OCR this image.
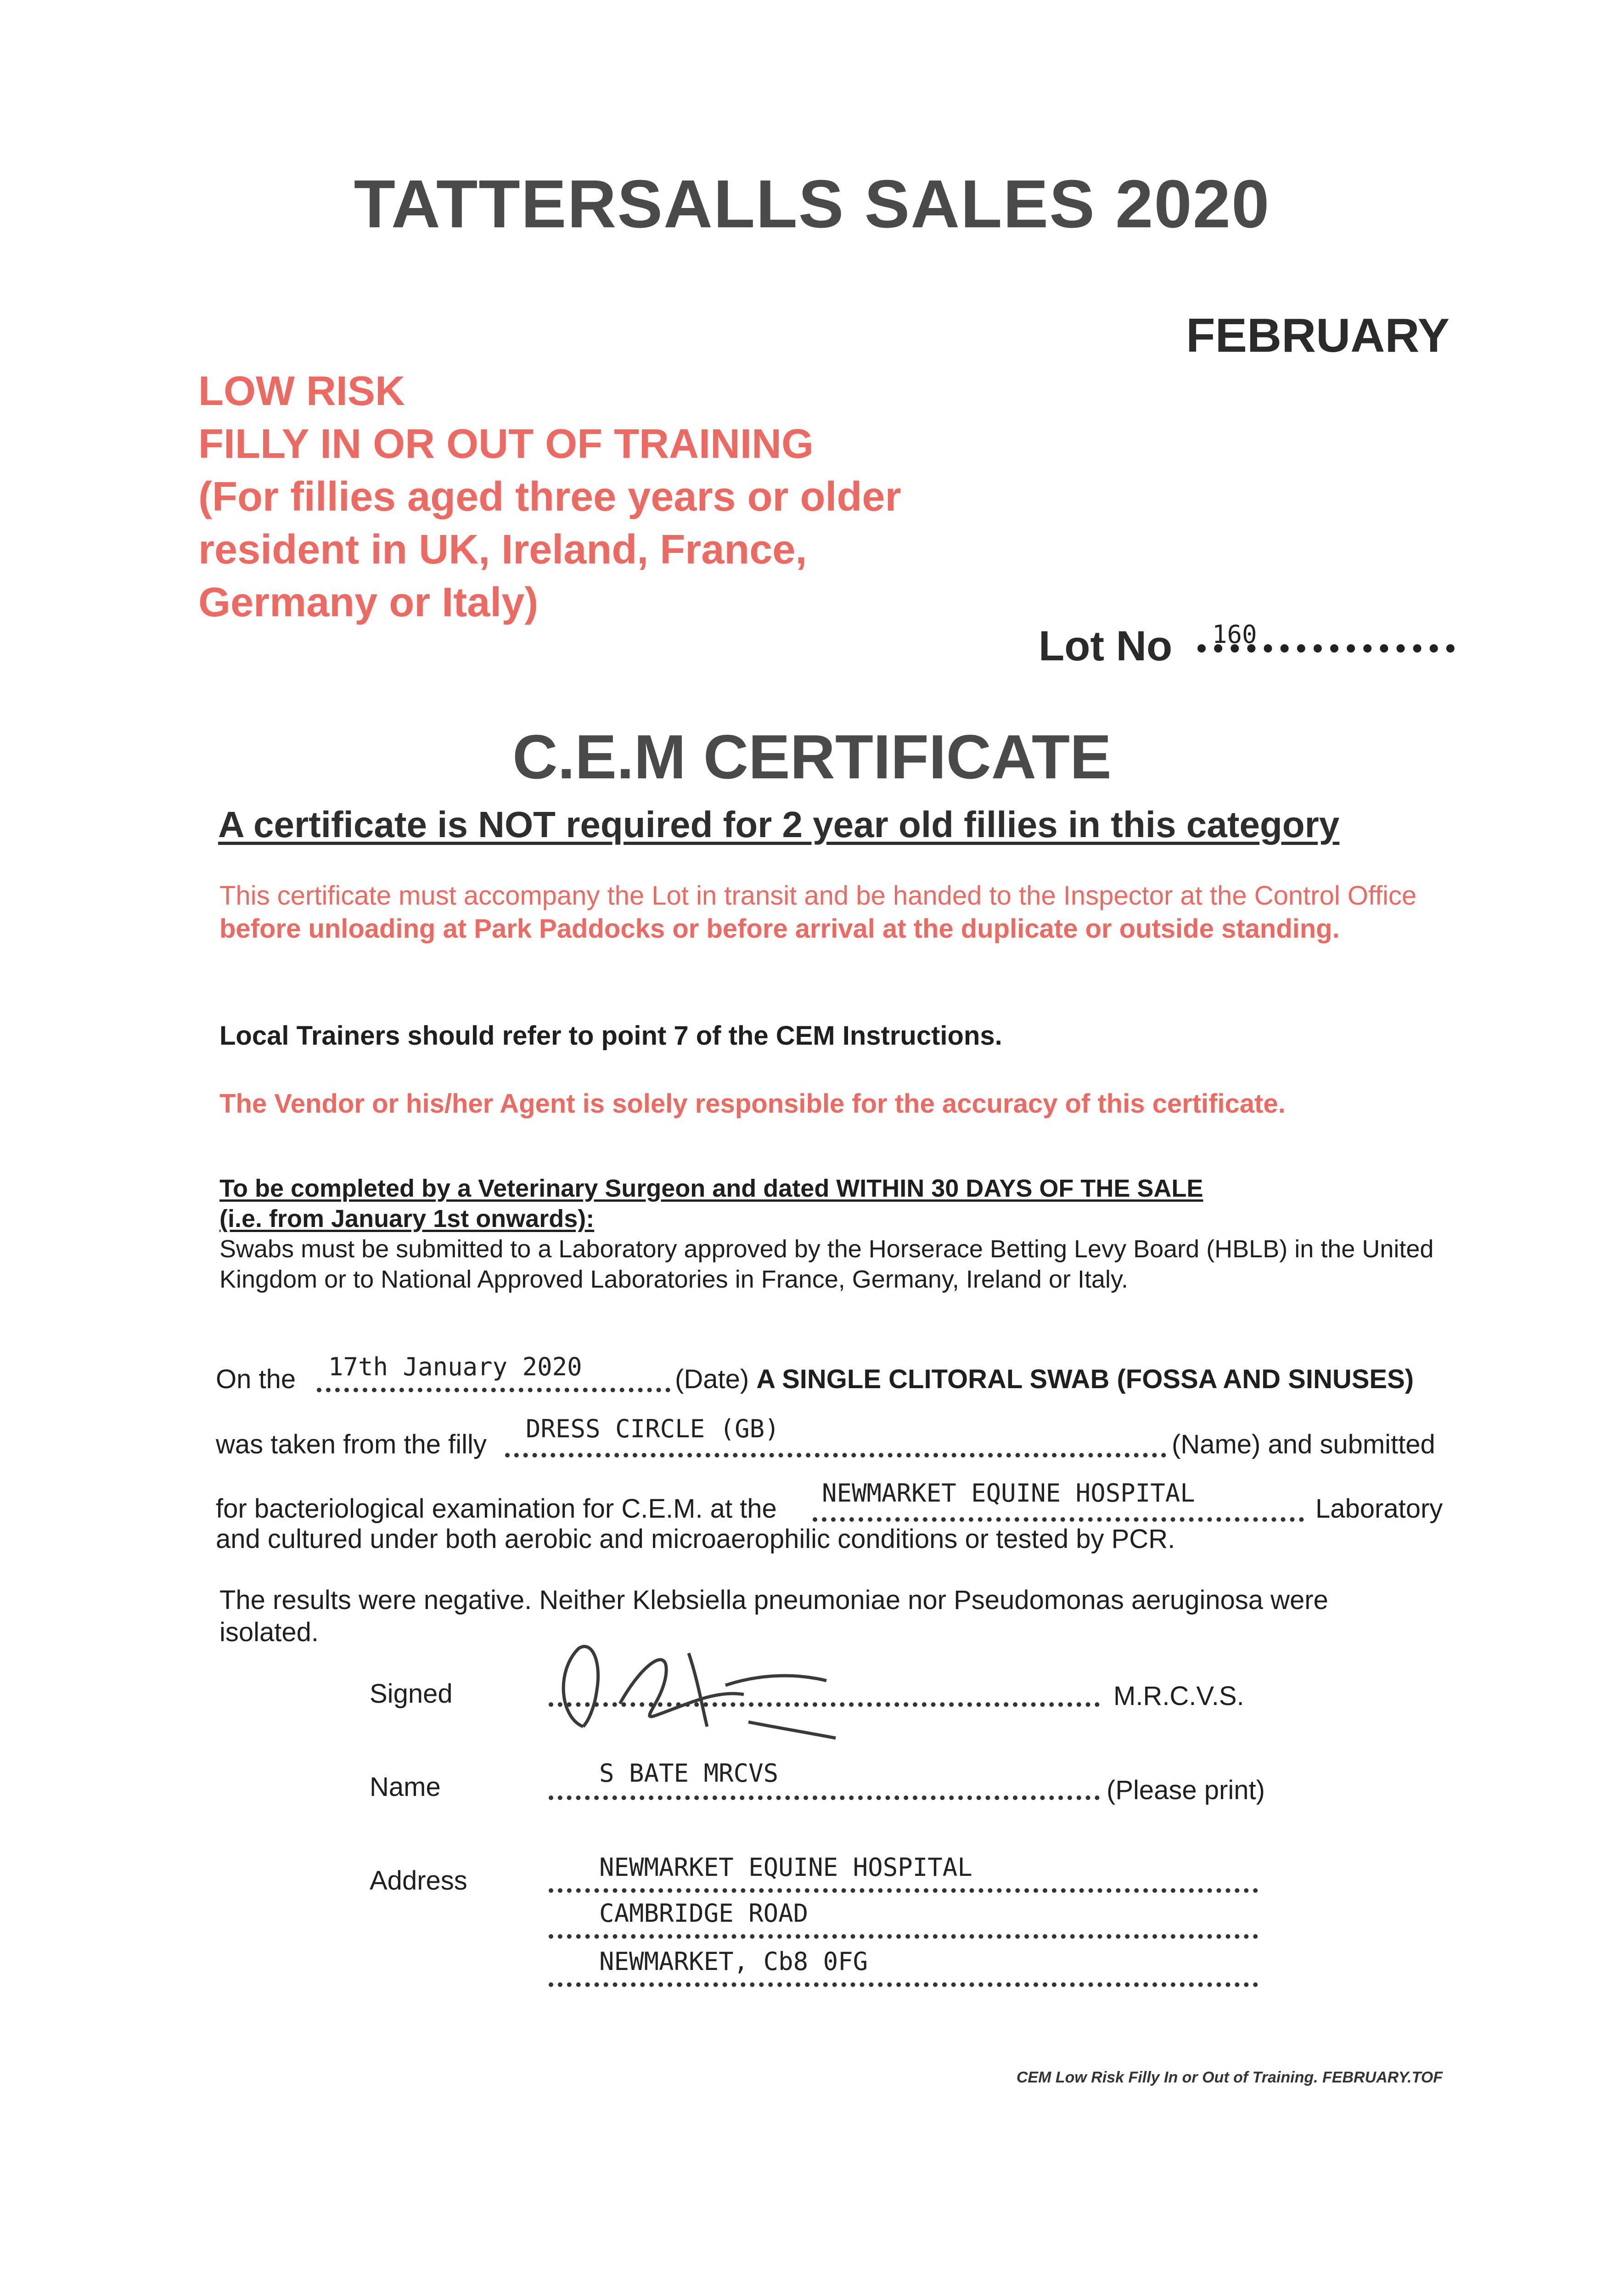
TATTERSALLS SALES 2020
FEBRUARY
LOW RISK
FILLY IN OR OUT OF TRAINING
(For fillies aged three years or older
resident in UK, Ireland, France,
Germany or Italy)
Lot No 160
C.E.M CERTIFICATE
A certificate is NOT required for 2 year old fillies in this category
This certificate must accompany the Lot in transit and be handed to the Inspector at the Control Office before unloading at Park Paddocks or before arrival at the duplicate or outside standing.
Local Trainers should refer to point 7 of the CEM Instructions.
The Vendor or his/her Agent is solely responsible for the accuracy of this certificate.
To be completed by a Veterinary Surgeon and dated WITHIN 30 DAYS OF THE SALE
(i.e. from January 1st onwards):
Swabs must be submitted to a Laboratory approved by the Horserace Betting Levy Board (HBLB) in the United Kingdom or to National Approved Laboratories in France, Germany, Ireland or Italy.
On the 17th January 2020	(Date) A SINGLE CLITORAL SWAB (FOSSA AND SINUSES)
was taken from the filly
DRESS CIRCLE (GB)
(Name) and submitted
for bacteriological examination for C.E.M. at the
NEWMARKET EQUINE HOSPITAL
Laboratory
and cultured under both aerobic and microaerophilic conditions or tested by PCR.
The results were negative. Neither Klebsiella pneumoniae nor Pseudomonas aeruginosa were isolated.
Signed	M.R.C.V.S.
Name	S BATE MRCVS
(Please print)
Address	NEWMARKET EQUINE HOSPITAL
CAMBRIDGE ROAD
NEWMARKET, Cb8 0FG
CEM Low Risk Filly In or Out of Training. FEBRUARY.TOF
